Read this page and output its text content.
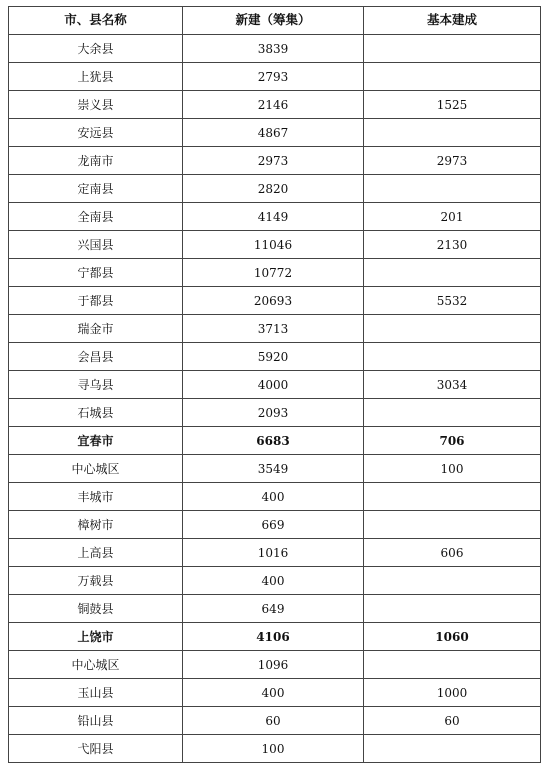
市、县名称	新建（筹集）	基本建成
大余县	3839	
上犹县	2793	
崇义县	2146	1525
安远县	4867	
龙南市	2973	2973
定南县	2820	
全南县	4149	201
兴国县	11046	2130
宁都县	10772	
于都县	20693	5532
瑞金市	3713	
会昌县	5920	
寻乌县	4000	3034
石城县	2093	
宜春市	6683	706
中心城区	3549	100
丰城市	400	
樟树市	669	
上高县	1016	606
万载县	400	
铜鼓县	649	
上饶市	4106	1060
中心城区	1096	
玉山县	400	1000
铅山县	60	60
弋阳县	100	
